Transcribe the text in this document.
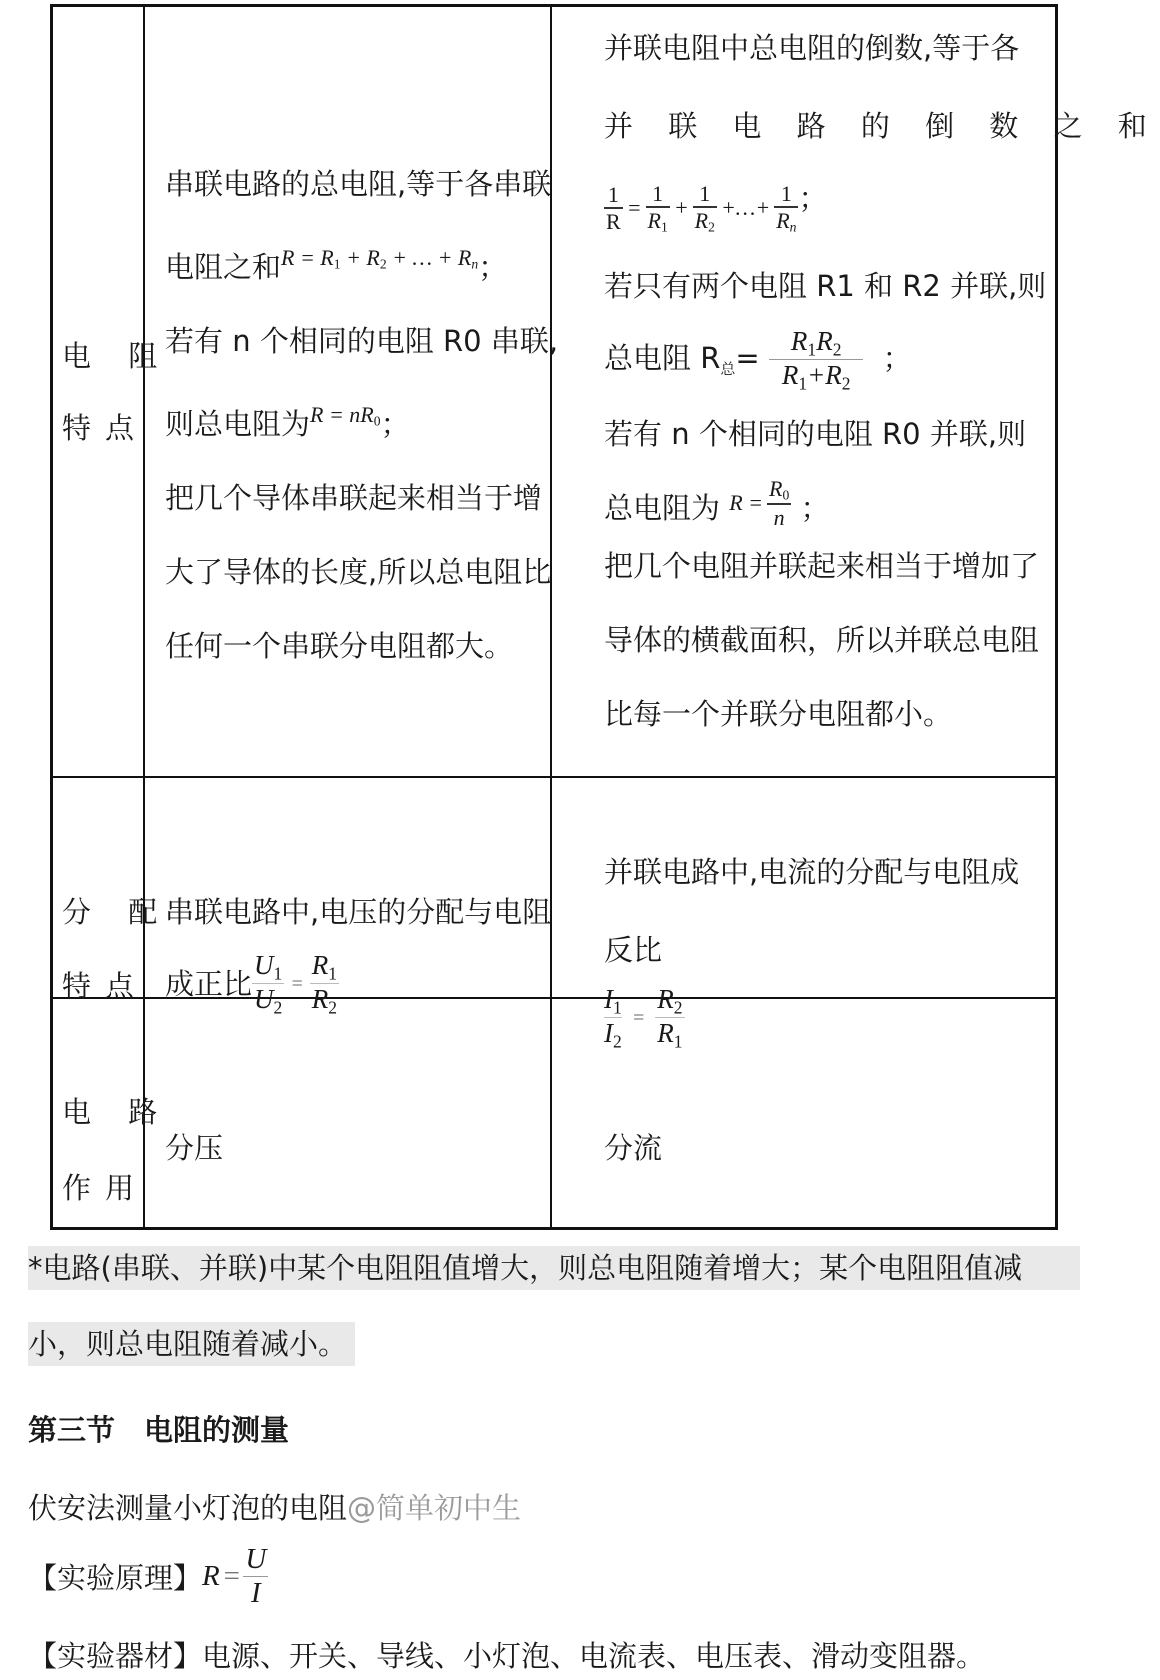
电 阻
特点
串联电路的总电阻,等于各串联
电阻之和$^{R = R1 + R2 + \dots + Rn}$；
若有 n 个相同的电阻 R0 串联,
则总电阻为$^{R = nR0}$；
把几个导体串联起来相当于增
大了导体的长度,所以总电阻比
任何一个串联分电阻都大。
并联电阻中总电阻的倒数,等于各
并 联 电 路 的 倒 数 之 和
$\frac{1}{R} = \frac{1}{R1} + \frac{1}{R2}$ +…+ $\frac{1}{Rn}$ ；
若只有两个电阻 R1 和 R2 并联,则
总电阻 $R_总= \frac{R_1R_2}{R_1+R_2}$ ；
若有 n 个相同的电阻 R0 并联,则
总电阻为 $R = \frac{R0}{n}$ ；
把几个电阻并联起来相当于增加了
导体的横截面积，所以并联总电阻
比每一个并联分电阻都小。
分 配
特点
串联电路中,电压的分配与电阻
成正比 $\frac{U_1}{U_2} = \frac{R_1}{R_2}$
并联电路中,电流的分配与电阻成
反比
$\frac{I_1}{I_2} = \frac{R_2}{R_1}$
电 路
作用
分压	分流
*电路(串联、并联)中某个电阻阻值增大，则总电阻随着增大；某个电阻阻值减
小，则总电阻随着减小。
第三节　电阻的测量
伏安法测量小灯泡的电阻@简单初中生
【实验原理】 $R = \frac{U}{I}$
【实验器材】电源、开关、导线、小灯泡、电流表、电压表、滑动变阻器。
